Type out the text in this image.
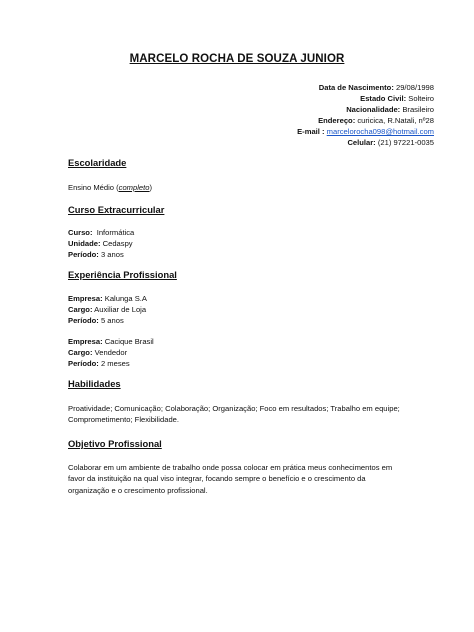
MARCELO ROCHA DE SOUZA JUNIOR
Data de Nascimento: 29/08/1998
Estado Civil: Solteiro
Nacionalidade: Brasileiro
Endereço: curicica, R.Natali, nº28
E-mail : marcelorocha098@hotmail.com
Celular: (21) 97221-0035
Escolaridade
Ensino Médio (completo)
Curso Extracurricular
Curso: Informática
Unidade: Cedaspy
Período: 3 anos
Experiência Profissional
Empresa: Kalunga S.A
Cargo: Auxiliar de Loja
Período: 5 anos
Empresa: Cacique Brasil
Cargo: Vendedor
Período: 2 meses
Habilidades
Proatividade; Comunicação; Colaboração; Organização; Foco em resultados; Trabalho em equipe;
Comprometimento; Flexibilidade.
Objetivo Profissional
Colaborar em um ambiente de trabalho onde possa colocar em prática meus conhecimentos em
favor da instituição na qual viso integrar, focando sempre o benefício e o crescimento da
organização e o crescimento profissional.
